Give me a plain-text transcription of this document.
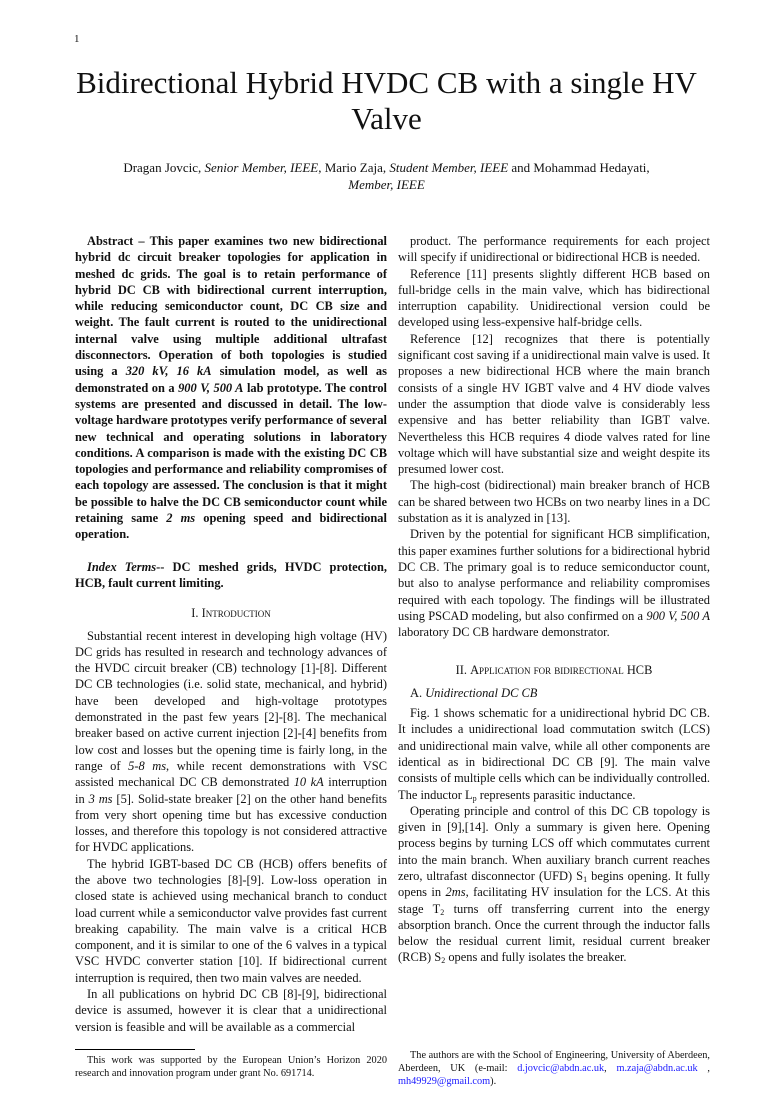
1
Bidirectional Hybrid HVDC CB with a single HV Valve
Dragan Jovcic, Senior Member, IEEE, Mario Zaja, Student Member, IEEE and Mohammad Hedayati, Member, IEEE

Abstract – This paper examines two new bidirectional hybrid dc circuit breaker topologies for application in meshed dc grids. The goal is to retain performance of hybrid DC CB with bidirectional current interruption, while reducing semiconductor count, DC CB size and weight. The fault current is routed to the unidirectional internal valve using multiple additional ultrafast disconnectors. Operation of both topologies is studied using a 320 kV, 16 kA simulation model, as well as demonstrated on a 900 V, 500 A lab prototype. The control systems are presented and discussed in detail. The low-voltage hardware prototypes verify performance of several new technical and operating solutions in laboratory conditions. A comparison is made with the existing DC CB topologies and performance and reliability compromises of each topology are assessed. The conclusion is that it might be possible to halve the DC CB semiconductor count while retaining same 2 ms opening speed and bidirectional operation.

Index Terms-- DC meshed grids, HVDC protection, HCB, fault current limiting.

I. Introduction

Substantial recent interest in developing high voltage (HV) DC grids has resulted in research and technology advances of the HVDC circuit breaker (CB) technology [1]-[8]. Different DC CB technologies (i.e. solid state, mechanical, and hybrid) have been developed and high-voltage prototypes demonstrated in the past few years [2]-[8]. The mechanical breaker based on active current injection [2]-[4] benefits from low cost and losses but the opening time is fairly long, in the range of 5-8 ms, while recent demonstrations with VSC assisted mechanical DC CB demonstrated 10 kA interruption in 3 ms [5]. Solid-state breaker [2] on the other hand benefits from very short opening time but has excessive conduction losses, and therefore this topology is not considered attractive for HVDC applications.

The hybrid IGBT-based DC CB (HCB) offers benefits of the above two technologies [8]-[9]. Low-loss operation in closed state is achieved using mechanical branch to conduct load current while a semiconductor valve provides fast current breaking capability. The main valve is a critical HCB component, and it is similar to one of the 6 valves in a typical VSC HVDC converter station [10]. If bidirectional current interruption is required, then two main valves are needed.

In all publications on hybrid DC CB [8]-[9], bidirectional device is assumed, however it is clear that a unidirectional version is feasible and will be available as a commercial

product. The performance requirements for each project will specify if unidirectional or bidirectional HCB is needed.

Reference [11] presents slightly different HCB based on full-bridge cells in the main valve, which has bidirectional interruption capability. Unidirectional version could be developed using less-expensive half-bridge cells.

Reference [12] recognizes that there is potentially significant cost saving if a unidirectional main valve is used. It proposes a new bidirectional HCB where the main branch consists of a single HV IGBT valve and 4 HV diode valves under the assumption that diode valve is considerably less expensive and has better reliability than IGBT valve. Nevertheless this HCB requires 4 diode valves rated for line voltage which will have substantial size and weight despite its presumed lower cost.

The high-cost (bidirectional) main breaker branch of HCB can be shared between two HCBs on two nearby lines in a DC substation as it is analyzed in [13].

Driven by the potential for significant HCB simplification, this paper examines further solutions for a bidirectional hybrid DC CB. The primary goal is to reduce semiconductor count, but also to analyse performance and reliability compromises required with each topology. The findings will be illustrated using PSCAD modeling, but also confirmed on a 900 V, 500 A laboratory DC CB hardware demonstrator.

II. Application for bidirectional HCB

A. Unidirectional DC CB

Fig. 1 shows schematic for a unidirectional hybrid DC CB. It includes a unidirectional load commutation switch (LCS) and unidirectional main valve, while all other components are identical as in bidirectional DC CB [9]. The main valve consists of multiple cells which can be individually controlled. The inductor $L_p$ represents parasitic inductance.

Operating principle and control of this DC CB topology is given in [9],[14]. Only a summary is given here. Opening process begins by turning LCS off which commutates current into the main branch. When auxiliary branch current reaches zero, ultrafast disconnector (UFD) $S_1$ begins opening. It fully opens in 2ms, facilitating HV insulation for the LCS. At this stage $T_2$ turns off transferring current into the energy absorption branch. Once the current through the inductor falls below the residual current limit, residual current breaker (RCB) $S_2$ opens and fully isolates the breaker.

This work was supported by the European Union’s Horizon 2020 research and innovation program under grant No. 691714.

The authors are with the School of Engineering, University of Aberdeen, Aberdeen, UK (e-mail: d.jovcic@abdn.ac.uk, m.zaja@abdn.ac.uk , mh49929@gmail.com).
